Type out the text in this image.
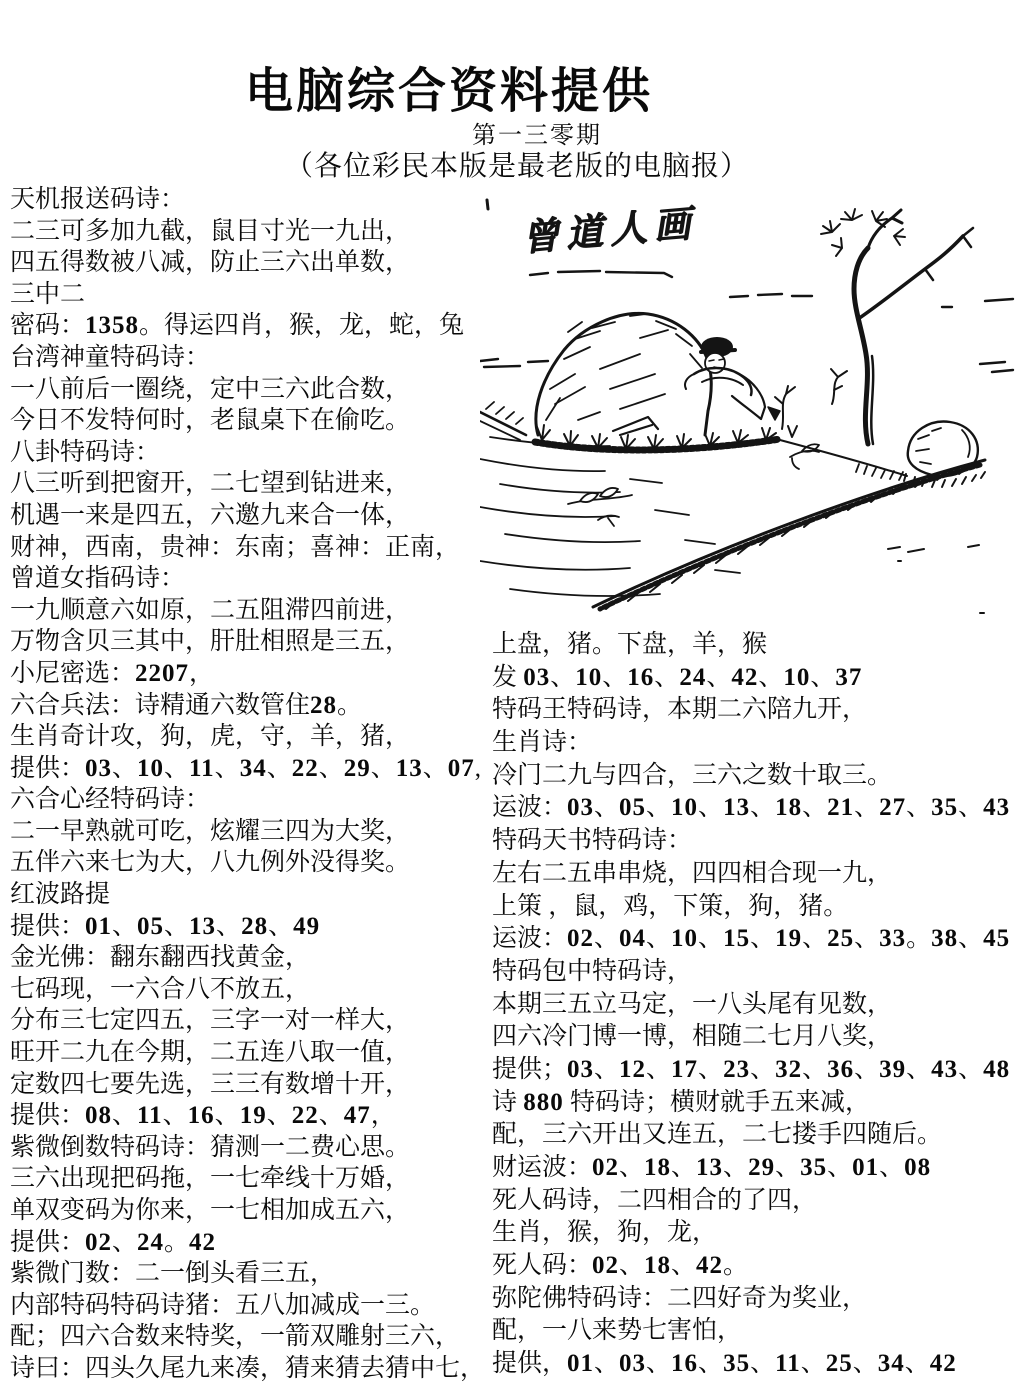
电脑综合资料提供
第一三零期
（各位彩民本版是最老版的电脑报）
曾道人画
天机报送码诗：
二三可多加九截，鼠目寸光一九出，
四五得数被八减，防止三六出单数，
三中二
密码：1358。得运四肖，猴，龙，蛇，兔
台湾神童特码诗：
一八前后一圈绕，定中三六此合数，
今日不发特何时，老鼠桌下在偷吃。
八卦特码诗：
八三听到把窗开，二七望到钻进来，
机遇一来是四五，六邀九来合一体，
财神，西南，贵神：东南；喜神：正南，
曾道女指码诗：
一九顺意六如原，二五阻滞四前进，
万物含贝三其中，肝肚相照是三五，
小尼密选：2207，
六合兵法：诗精通六数管住28。
生肖奇计攻，狗，虎，守，羊，猪，
提供：03、10、11、34、22、29、13、07,
六合心经特码诗：
二一早熟就可吃，炫耀三四为大奖，
五伴六来七为大，八九例外没得奖。
红波路提
提供：01、05、13、28、49
金光佛：翻东翻西找黄金，
七码现，一六合八不放五，
分布三七定四五，三字一对一样大，
旺开二九在今期，二五连八取一值，
定数四七要先选，三三有数增十开，
提供：08、11、16、19、22、47，
紫微倒数特码诗：猜测一二费心思。
三六出现把码拖，一七牵线十万婚，
单双变码为你来，一七相加成五六，
提供：02、24。42
紫微门数：二一倒头看三五，
内部特码特码诗猪：五八加减成一三。
配；四六合数来特奖，一箭双雕射三六，
诗曰：四头久尾九来凑，猜来猜去猜中七，
上盘，猪。下盘，羊，猴
发 03、10、16、24、42、10、37
特码王特码诗，本期二六陪九开，
生肖诗：
冷门二九与四合，三六之数十取三。
运波：03、05、10、13、18、21、27、35、43
特码天书特码诗：
左右二五串串烧，四四相合现一九，
上策 ，鼠，鸡，下策，狗，猪。
运波：02、04、10、15、19、25、33。38、45
特码包中特码诗，
本期三五立马定，一八头尾有见数，
四六冷门博一博，相随二七月八奖，
提供；03、12、17、23、32、36、39、43、48
诗 880 特码诗；横财就手五来减，
配，三六开出又连五，二七搂手四随后。
财运波：02、18、13、29、35、01、08
死人码诗，二四相合的了四，
生肖，猴，狗，龙，
死人码：02、18、42。
弥陀佛特码诗：二四好奇为奖业，
配，一八来势七害怕，
提供，01、03、16、35、11、25、34、42
